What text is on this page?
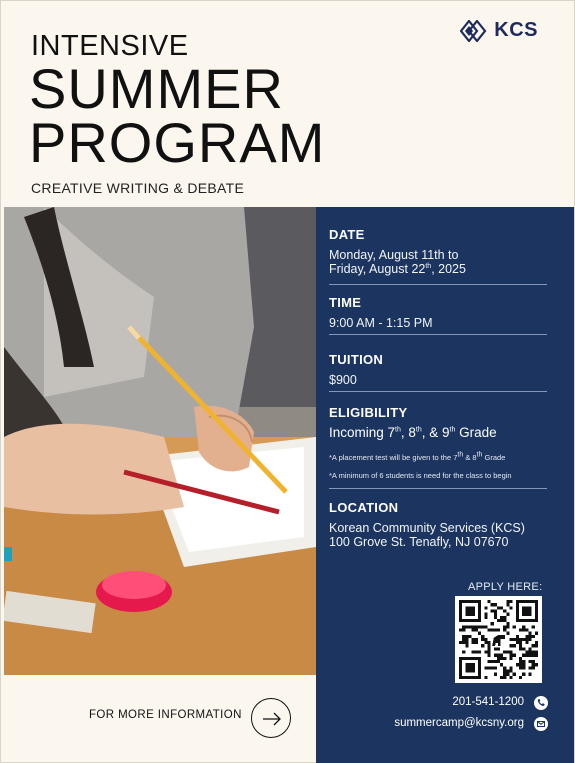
KCS
INTENSIVE
SUMMER
PROGRAM
CREATIVE WRITING & DEBATE
DATE
Monday, August 11th to
Friday, August 22th, 2025
TIME
9:00 AM - 1:15 PM
TUITION
$900
ELIGIBILITY
Incoming 7th, 8th, & 9th Grade
*A placement test will be given to the 7th & 8th Grade
*A minimum of 6 students is need for the class to begin
LOCATION
Korean Community Services (KCS)
100 Grove St. Tenafly, NJ 07670
APPLY HERE:
201-541-1200
summercamp@kcsny.org
FOR MORE INFORMATION
